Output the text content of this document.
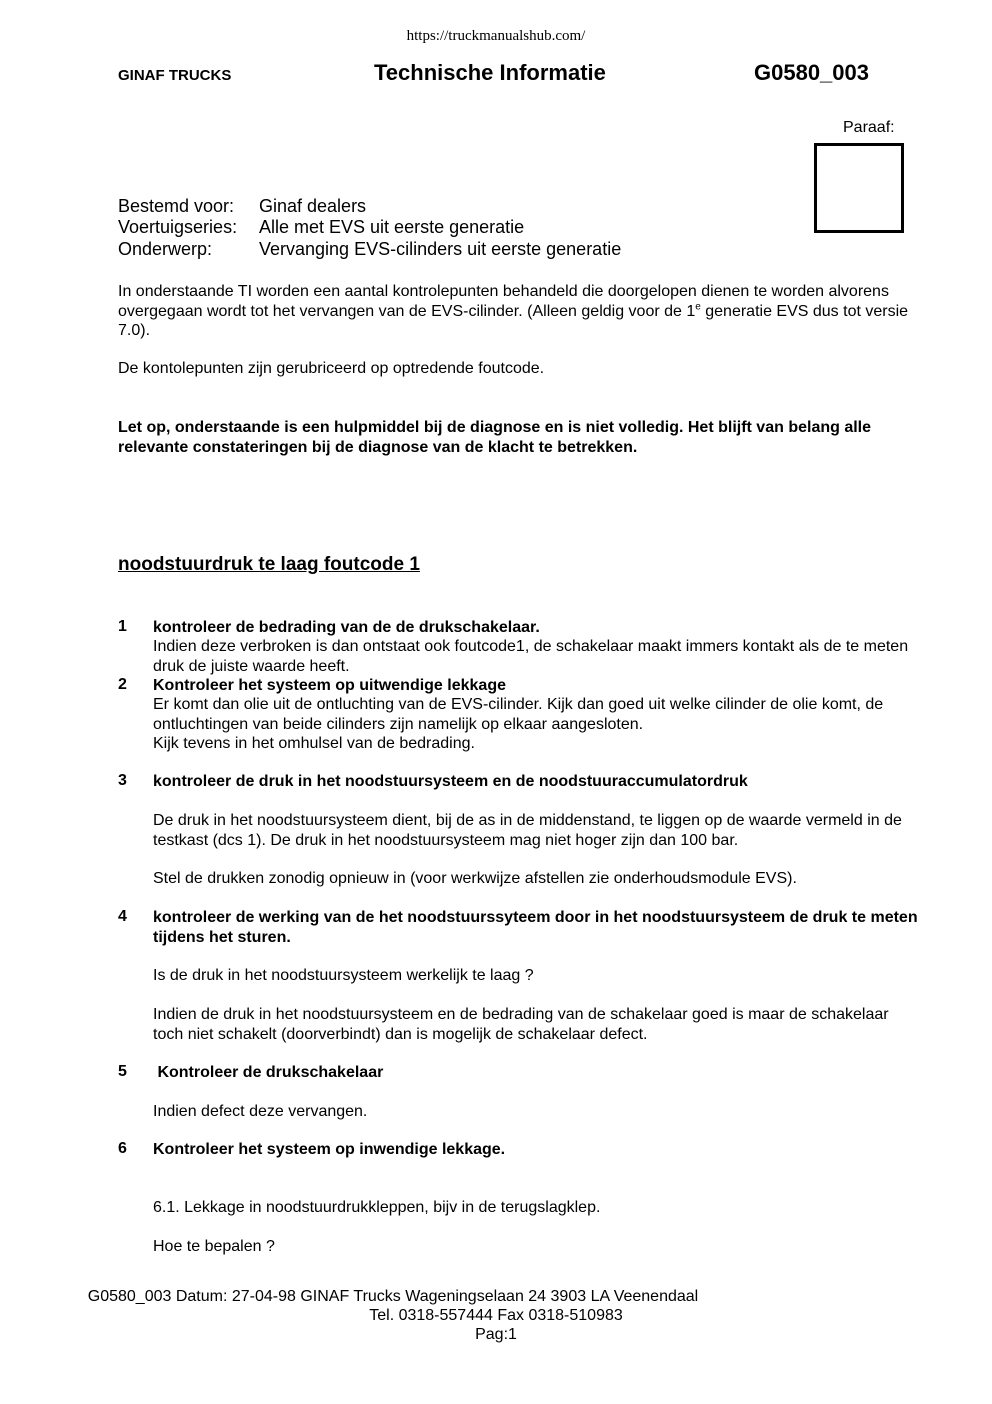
https://truckmanualshub.com/
GINAF TRUCKS	Technische Informatie	G0580_003
Paraaf:
Bestemd voor: Ginaf dealers
Voertuigseries: Alle met EVS uit eerste generatie
Onderwerp:	Vervanging EVS-cilinders uit eerste generatie
In onderstaande TI worden een aantal kontrolepunten behandeld die doorgelopen dienen te worden alvorens overgegaan wordt tot het vervangen van de EVS-cilinder. (Alleen geldig voor de 1e generatie EVS dus tot versie 7.0).
De kontolepunten zijn gerubriceerd op optredende foutcode.
Let op, onderstaande is een hulpmiddel bij de diagnose en is niet volledig. Het blijft van belang alle relevante constateringen bij de diagnose van de klacht te betrekken.
noodstuurdruk te laag foutcode 1
1 kontroleer de bedrading van de de drukschakelaar.
Indien deze verbroken is dan ontstaat ook foutcode1, de schakelaar maakt immers kontakt als de te meten druk de juiste waarde heeft.
2 Kontroleer het systeem op uitwendige lekkage
Er komt dan olie uit de ontluchting van de EVS-cilinder. Kijk dan goed uit welke cilinder de olie komt, de ontluchtingen van beide cilinders zijn namelijk op elkaar aangesloten.
Kijk tevens in het omhulsel van de bedrading.
3 kontroleer de druk in het noodstuursysteem en de noodstuuraccumulatordruk
De druk in het noodstuursysteem dient, bij de as in de middenstand, te liggen op de waarde vermeld in de testkast (dcs 1). De druk in het noodstuursysteem mag niet hoger zijn dan 100 bar.
Stel de drukken zonodig opnieuw in (voor werkwijze afstellen zie onderhoudsmodule EVS).
4 kontroleer de werking van de het noodstuurssyteem door in het noodstuursysteem de druk te meten tijdens het sturen.
Is de druk in het noodstuursysteem werkelijk te laag ?
Indien de druk in het noodstuursysteem en de bedrading van de schakelaar goed is maar de schakelaar toch niet schakelt (doorverbindt) dan is mogelijk de schakelaar defect.
5 Kontroleer de drukschakelaar
Indien defect deze vervangen.
6 Kontroleer het systeem op inwendige lekkage.
6.1. Lekkage in noodstuurdrukkleppen, bijv in de terugslagklep.
Hoe te bepalen ?
G0580_003 Datum: 27-04-98 GINAF Trucks Wageningselaan 24 3903 LA Veenendaal
Tel. 0318-557444 Fax 0318-510983
Pag:1
